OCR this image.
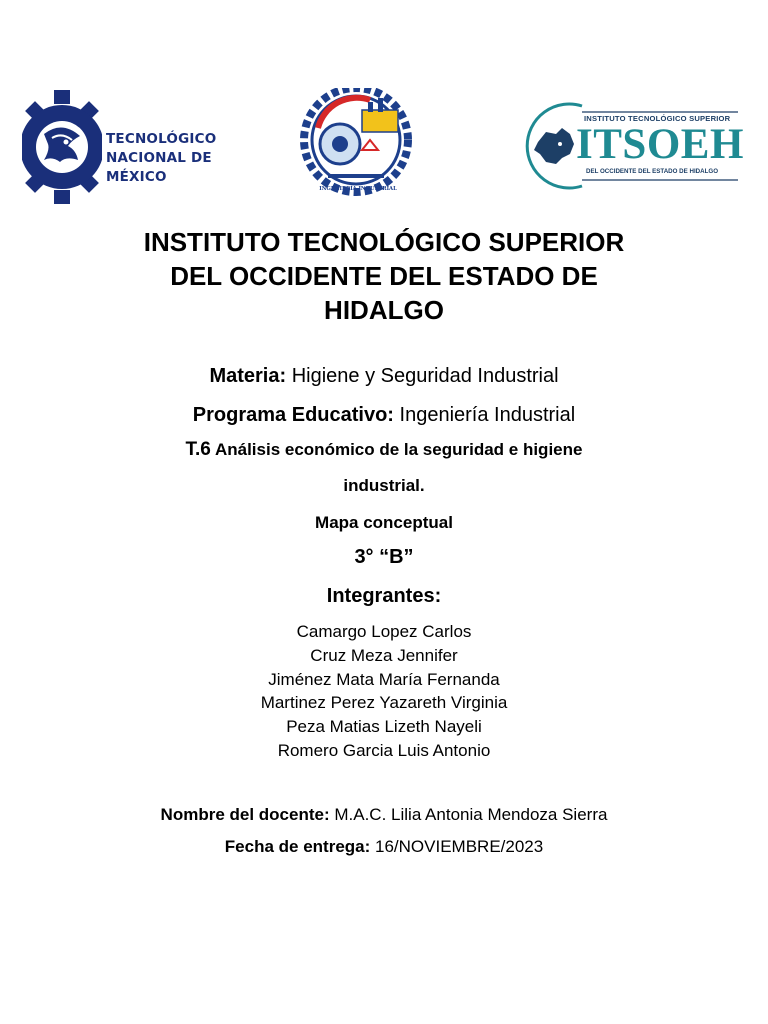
TECNOLÓGICO
NACIONAL DE MÉXICO
INGENIERÍA INDUSTRIAL
INSTITUTO TECNOLÓGICO SUPERIOR
ITSOEH
DEL OCCIDENTE DEL ESTADO DE HIDALGO
INSTITUTO TECNOLÓGICO SUPERIOR
DEL OCCIDENTE DEL ESTADO DE
HIDALGO
Materia: Higiene y Seguridad Industrial
Programa Educativo: Ingeniería Industrial
T.6 Análisis económico de la seguridad e higiene
industrial.
Mapa conceptual
3° “B”
Integrantes:
Camargo Lopez Carlos
Cruz Meza Jennifer
Jiménez Mata María Fernanda
Martinez Perez Yazareth Virginia
Peza Matias Lizeth Nayeli
Romero Garcia Luis Antonio
Nombre del docente: M.A.C. Lilia Antonia Mendoza Sierra
Fecha de entrega: 16/NOVIEMBRE/2023
